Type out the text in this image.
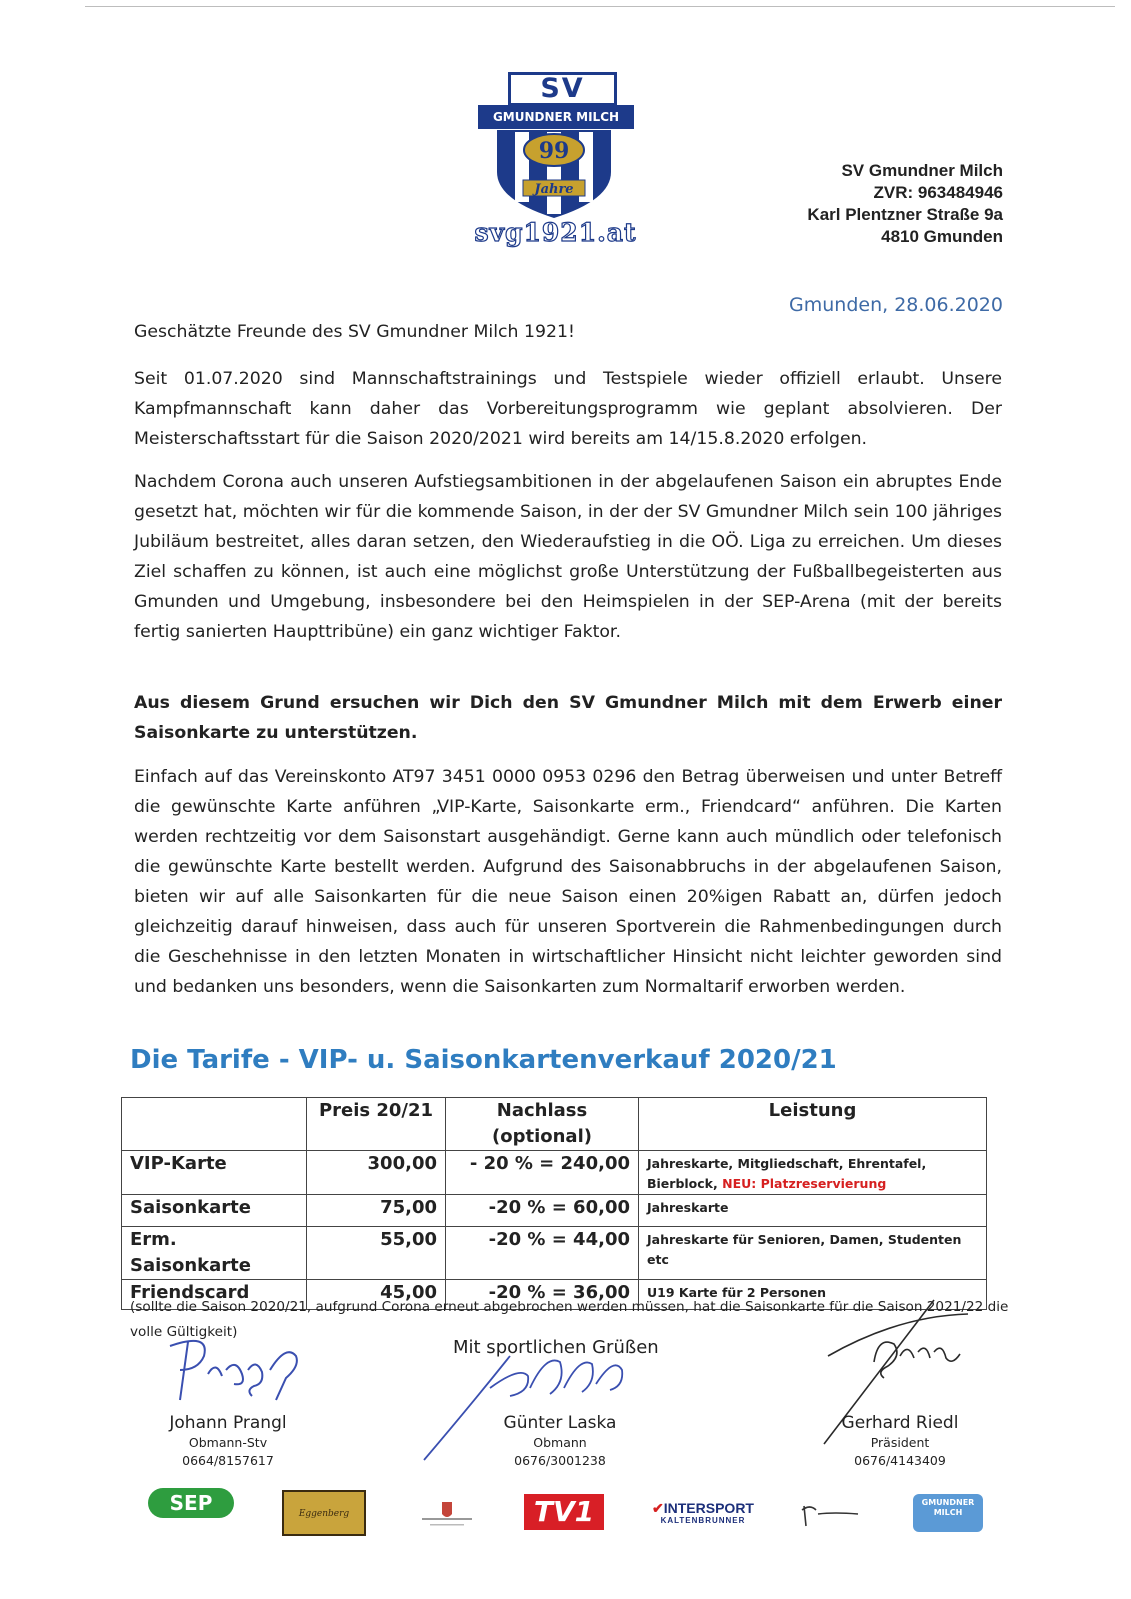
SV
GMUNDNER MILCH
99
Jahre
svg1921.at
SV Gmundner Milch
ZVR: 963484946
Karl Plentzner Straße 9a
4810 Gmunden
Gmunden, 28.06.2020
Geschätzte Freunde des SV Gmundner Milch 1921!
Seit 01.07.2020 sind Mannschaftstrainings und Testspiele wieder offiziell erlaubt. Unsere Kampfmannschaft kann daher das Vorbereitungsprogramm wie geplant absolvieren. Der Meisterschaftsstart für die Saison 2020/2021 wird bereits am 14/15.8.2020 erfolgen.
Nachdem Corona auch unseren Aufstiegsambitionen in der abgelaufenen Saison ein abruptes Ende gesetzt hat, möchten wir für die kommende Saison, in der der SV Gmundner Milch sein 100 jähriges Jubiläum bestreitet, alles daran setzen, den Wiederaufstieg in die OÖ. Liga zu erreichen. Um dieses Ziel schaffen zu können, ist auch eine möglichst große Unterstützung der Fußballbegeisterten aus Gmunden und Umgebung, insbesondere bei den Heimspielen in der SEP-Arena (mit der bereits fertig sanierten Haupttribüne) ein ganz wichtiger Faktor.
Aus diesem Grund ersuchen wir Dich den SV Gmundner Milch mit dem Erwerb einer Saisonkarte zu unterstützen.
Einfach auf das Vereinskonto AT97 3451 0000 0953 0296 den Betrag überweisen und unter Betreff die gewünschte Karte anführen „VIP-Karte, Saisonkarte erm., Friendcard“ anführen. Die Karten werden rechtzeitig vor dem Saisonstart ausgehändigt. Gerne kann auch mündlich oder telefonisch die gewünschte Karte bestellt werden. Aufgrund des Saisonabbruchs in der abgelaufenen Saison, bieten wir auf alle Saisonkarten für die neue Saison einen 20%igen Rabatt an, dürfen jedoch gleichzeitig darauf hinweisen, dass auch für unseren Sportverein die Rahmenbedingungen durch die Geschehnisse in den letzten Monaten in wirtschaftlicher Hinsicht nicht leichter geworden sind und bedanken uns besonders, wenn die Saisonkarten zum Normaltarif erworben werden.
Die Tarife - VIP- u. Saisonkartenverkauf 2020/21
	Preis 20/21	Nachlass (optional)	Leistung
VIP-Karte	300,00	- 20 % = 240,00	Jahreskarte, Mitgliedschaft, Ehrentafel, Bierblock, NEU: Platzreservierung
Saisonkarte	75,00	-20 % = 60,00	Jahreskarte
Erm. Saisonkarte	55,00	-20 % = 44,00	Jahreskarte für Senioren, Damen, Studenten etc
Friendscard	45,00	-20 % = 36,00	U19 Karte für 2 Personen
(sollte die Saison 2020/21, aufgrund Corona erneut abgebrochen werden müssen, hat die Saisonkarte für die Saison 2021/22 die volle Gültigkeit)
Mit sportlichen Grüßen
Johann Prangl
Obmann-Stv
0664/8157617
Günter Laska
Obmann
0676/3001238
Gerhard Riedl
Präsident
0676/4143409
SEP	Eggenberg	TV1	✔INTERSPORT
KALTENBRUNNER
GMUNDNER MILCH
